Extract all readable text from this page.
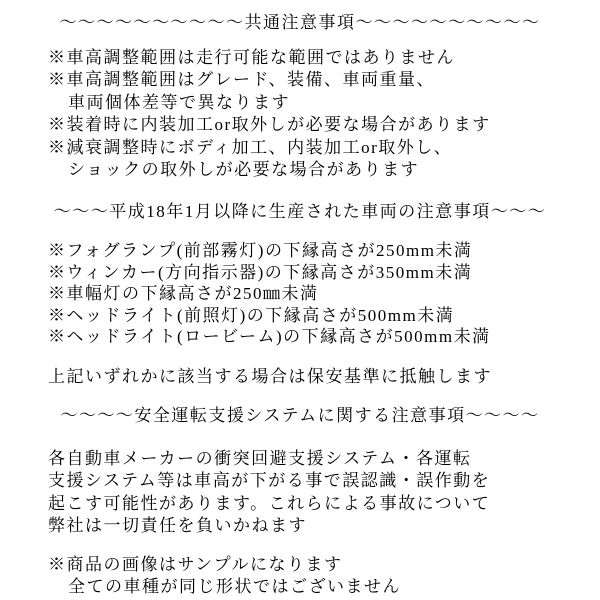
～～～～～～～～～～共通注意事項～～～～～～～～～～
※車高調整範囲は走行可能な範囲ではありません
※車高調整範囲はグレード、装備、車両重量、
車両個体差等で異なります
※装着時に内装加工or取外しが必要な場合があります
※減衰調整時にボディ加工、内装加工or取外し、
ショックの取外しが必要な場合があります
～～～平成18年1月以降に生産された車両の注意事項～～～
※フォグランプ(前部霧灯)の下縁高さが250mm未満
※ウィンカー(方向指示器)の下縁高さが350mm未満
※車幅灯の下縁高さが250㎜未満
※ヘッドライト(前照灯)の下縁高さが500mm未満
※ヘッドライト(ロービーム)の下縁高さが500mm未満
上記いずれかに該当する場合は保安基準に抵触します
～～～～安全運転支援システムに関する注意事項～～～～
各自動車メーカーの衝突回避支援システム・各運転
支援システム等は車高が下がる事で誤認識・誤作動を
起こす可能性があります。これらによる事故について
弊社は一切責任を負いかねます
※商品の画像はサンプルになります
全ての車種が同じ形状ではございません
